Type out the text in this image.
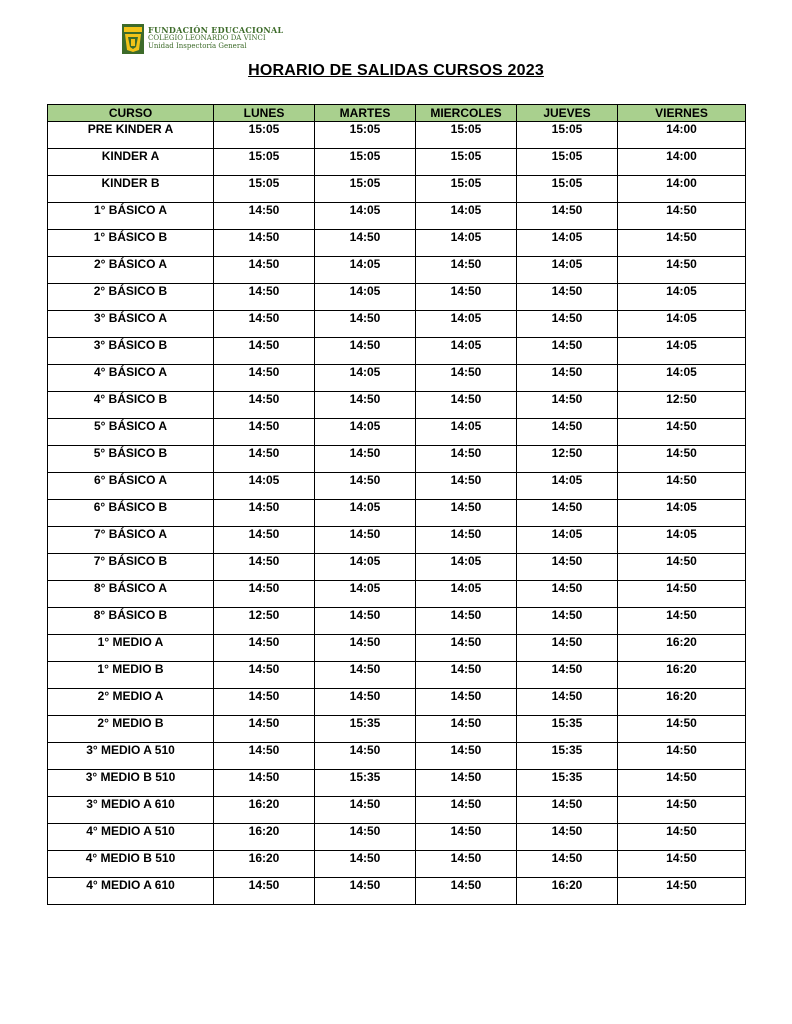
FUNDACIÓN EDUCACIONAL
COLEGIO LEONARDO DA VINCI
Unidad Inspectoría General
HORARIO DE SALIDAS CURSOS 2023
CURSO	LUNES	MARTES	MIERCOLES	JUEVES	VIERNES
PRE KINDER A	15:05	15:05	15:05	15:05	14:00
KINDER A	15:05	15:05	15:05	15:05	14:00
KINDER B	15:05	15:05	15:05	15:05	14:00
1° BÁSICO A	14:50	14:05	14:05	14:50	14:50
1° BÁSICO B	14:50	14:50	14:05	14:05	14:50
2° BÁSICO A	14:50	14:05	14:50	14:05	14:50
2° BÁSICO B	14:50	14:05	14:50	14:50	14:05
3° BÁSICO A	14:50	14:50	14:05	14:50	14:05
3° BÁSICO B	14:50	14:50	14:05	14:50	14:05
4° BÁSICO A	14:50	14:05	14:50	14:50	14:05
4° BÁSICO B	14:50	14:50	14:50	14:50	12:50
5° BÁSICO A	14:50	14:05	14:05	14:50	14:50
5° BÁSICO B	14:50	14:50	14:50	12:50	14:50
6° BÁSICO A	14:05	14:50	14:50	14:05	14:50
6° BÁSICO B	14:50	14:05	14:50	14:50	14:05
7° BÁSICO A	14:50	14:50	14:50	14:05	14:05
7° BÁSICO B	14:50	14:05	14:05	14:50	14:50
8° BÁSICO A	14:50	14:05	14:05	14:50	14:50
8° BÁSICO B	12:50	14:50	14:50	14:50	14:50
1° MEDIO A	14:50	14:50	14:50	14:50	16:20
1° MEDIO B	14:50	14:50	14:50	14:50	16:20
2° MEDIO A	14:50	14:50	14:50	14:50	16:20
2° MEDIO B	14:50	15:35	14:50	15:35	14:50
3° MEDIO A 510	14:50	14:50	14:50	15:35	14:50
3° MEDIO B 510	14:50	15:35	14:50	15:35	14:50
3° MEDIO A 610	16:20	14:50	14:50	14:50	14:50
4° MEDIO A 510	16:20	14:50	14:50	14:50	14:50
4° MEDIO B 510	16:20	14:50	14:50	14:50	14:50
4° MEDIO A 610	14:50	14:50	14:50	16:20	14:50
